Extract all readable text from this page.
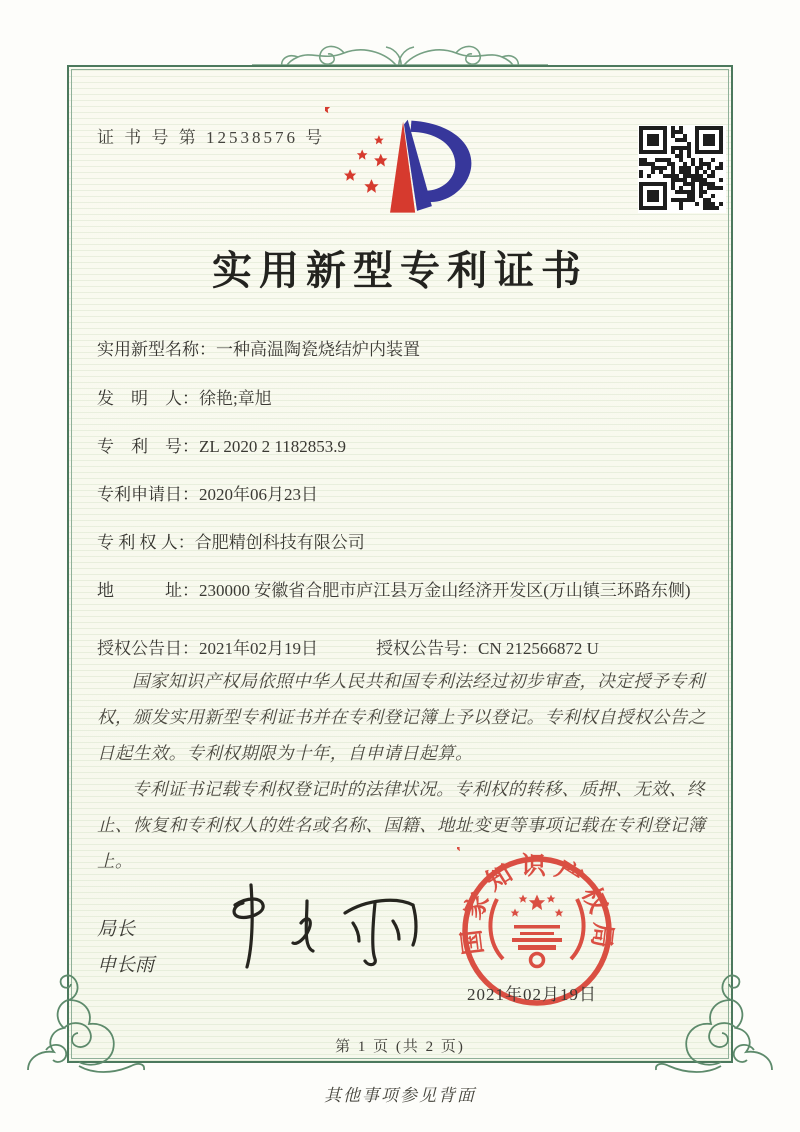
证 书 号 第 12538576 号
实用新型专利证书
实用新型名称： 一种高温陶瓷烧结炉内装置
发　明　人： 徐艳;章旭
专　利　号： ZL 2020 2 1182853.9
专利申请日： 2020年06月23日
专 利 权 人： 合肥精创科技有限公司
地　　　址： 230000 安徽省合肥市庐江县万金山经济开发区(万山镇三环路东侧)
授权公告日：2021年02月19日	授权公告号：CN 212566872 U

国家知识产权局依照中华人民共和国专利法经过初步审查，决定授予专利权，颁发实用新型专利证书并在专利登记簿上予以登记。专利权自授权公告之日起生效。专利权期限为十年，自申请日起算。

专利证书记载专利权登记时的法律状况。专利权的转移、质押、无效、终止、恢复和专利权人的姓名或名称、国籍、地址变更等事项记载在专利登记簿上。

局长
申长雨
国家知识产权局
2021年02月19日
第 1 页 (共 2 页)
其他事项参见背面
